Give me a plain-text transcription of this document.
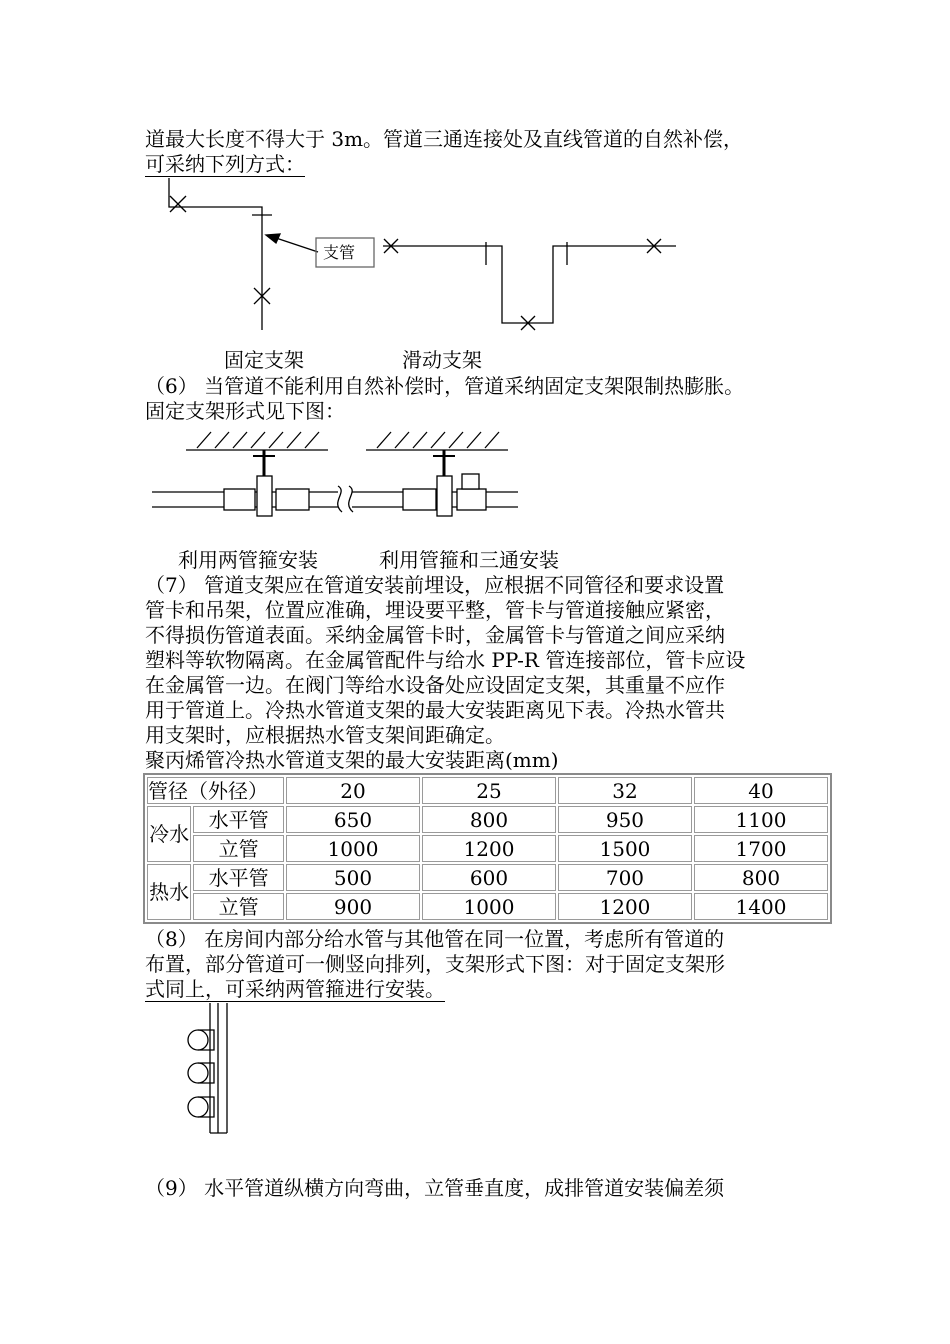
道最大长度不得大于 3m。管道三通连接处及直线管道的自然补偿，
可采纳下列方式：
支管
固定支架	滑动支架
（6） 当管道不能利用自然补偿时，管道采纳固定支架限制热膨胀。
固定支架形式见下图：
利用两管箍安装	利用管箍和三通安装
（7） 管道支架应在管道安装前埋设，应根据不同管径和要求设置
管卡和吊架，位置应准确，埋设要平整，管卡与管道接触应紧密，
不得损伤管道表面。采纳金属管卡时，金属管卡与管道之间应采纳
塑料等软物隔离。在金属管配件与给水 PP-R 管连接部位，管卡应设
在金属管一边。在阀门等给水设备处应设固定支架，其重量不应作
用于管道上。冷热水管道支架的最大安装距离见下表。冷热水管共
用支架时，应根据热水管支架间距确定。
聚丙烯管冷热水管道支架的最大安装距离(mm)
管径（外径）		20	25	32	40
冷水	水平管	650	800	950	1100
	立管	1000	1200	1500	1700
热水	水平管	500	600	700	800
	立管	900	1000	1200	1400
（8） 在房间内部分给水管与其他管在同一位置，考虑所有管道的
布置，部分管道可一侧竖向排列，支架形式下图：对于固定支架形
式同上，可采纳两管箍进行安装。
（9） 水平管道纵横方向弯曲，立管垂直度，成排管道安装偏差须
